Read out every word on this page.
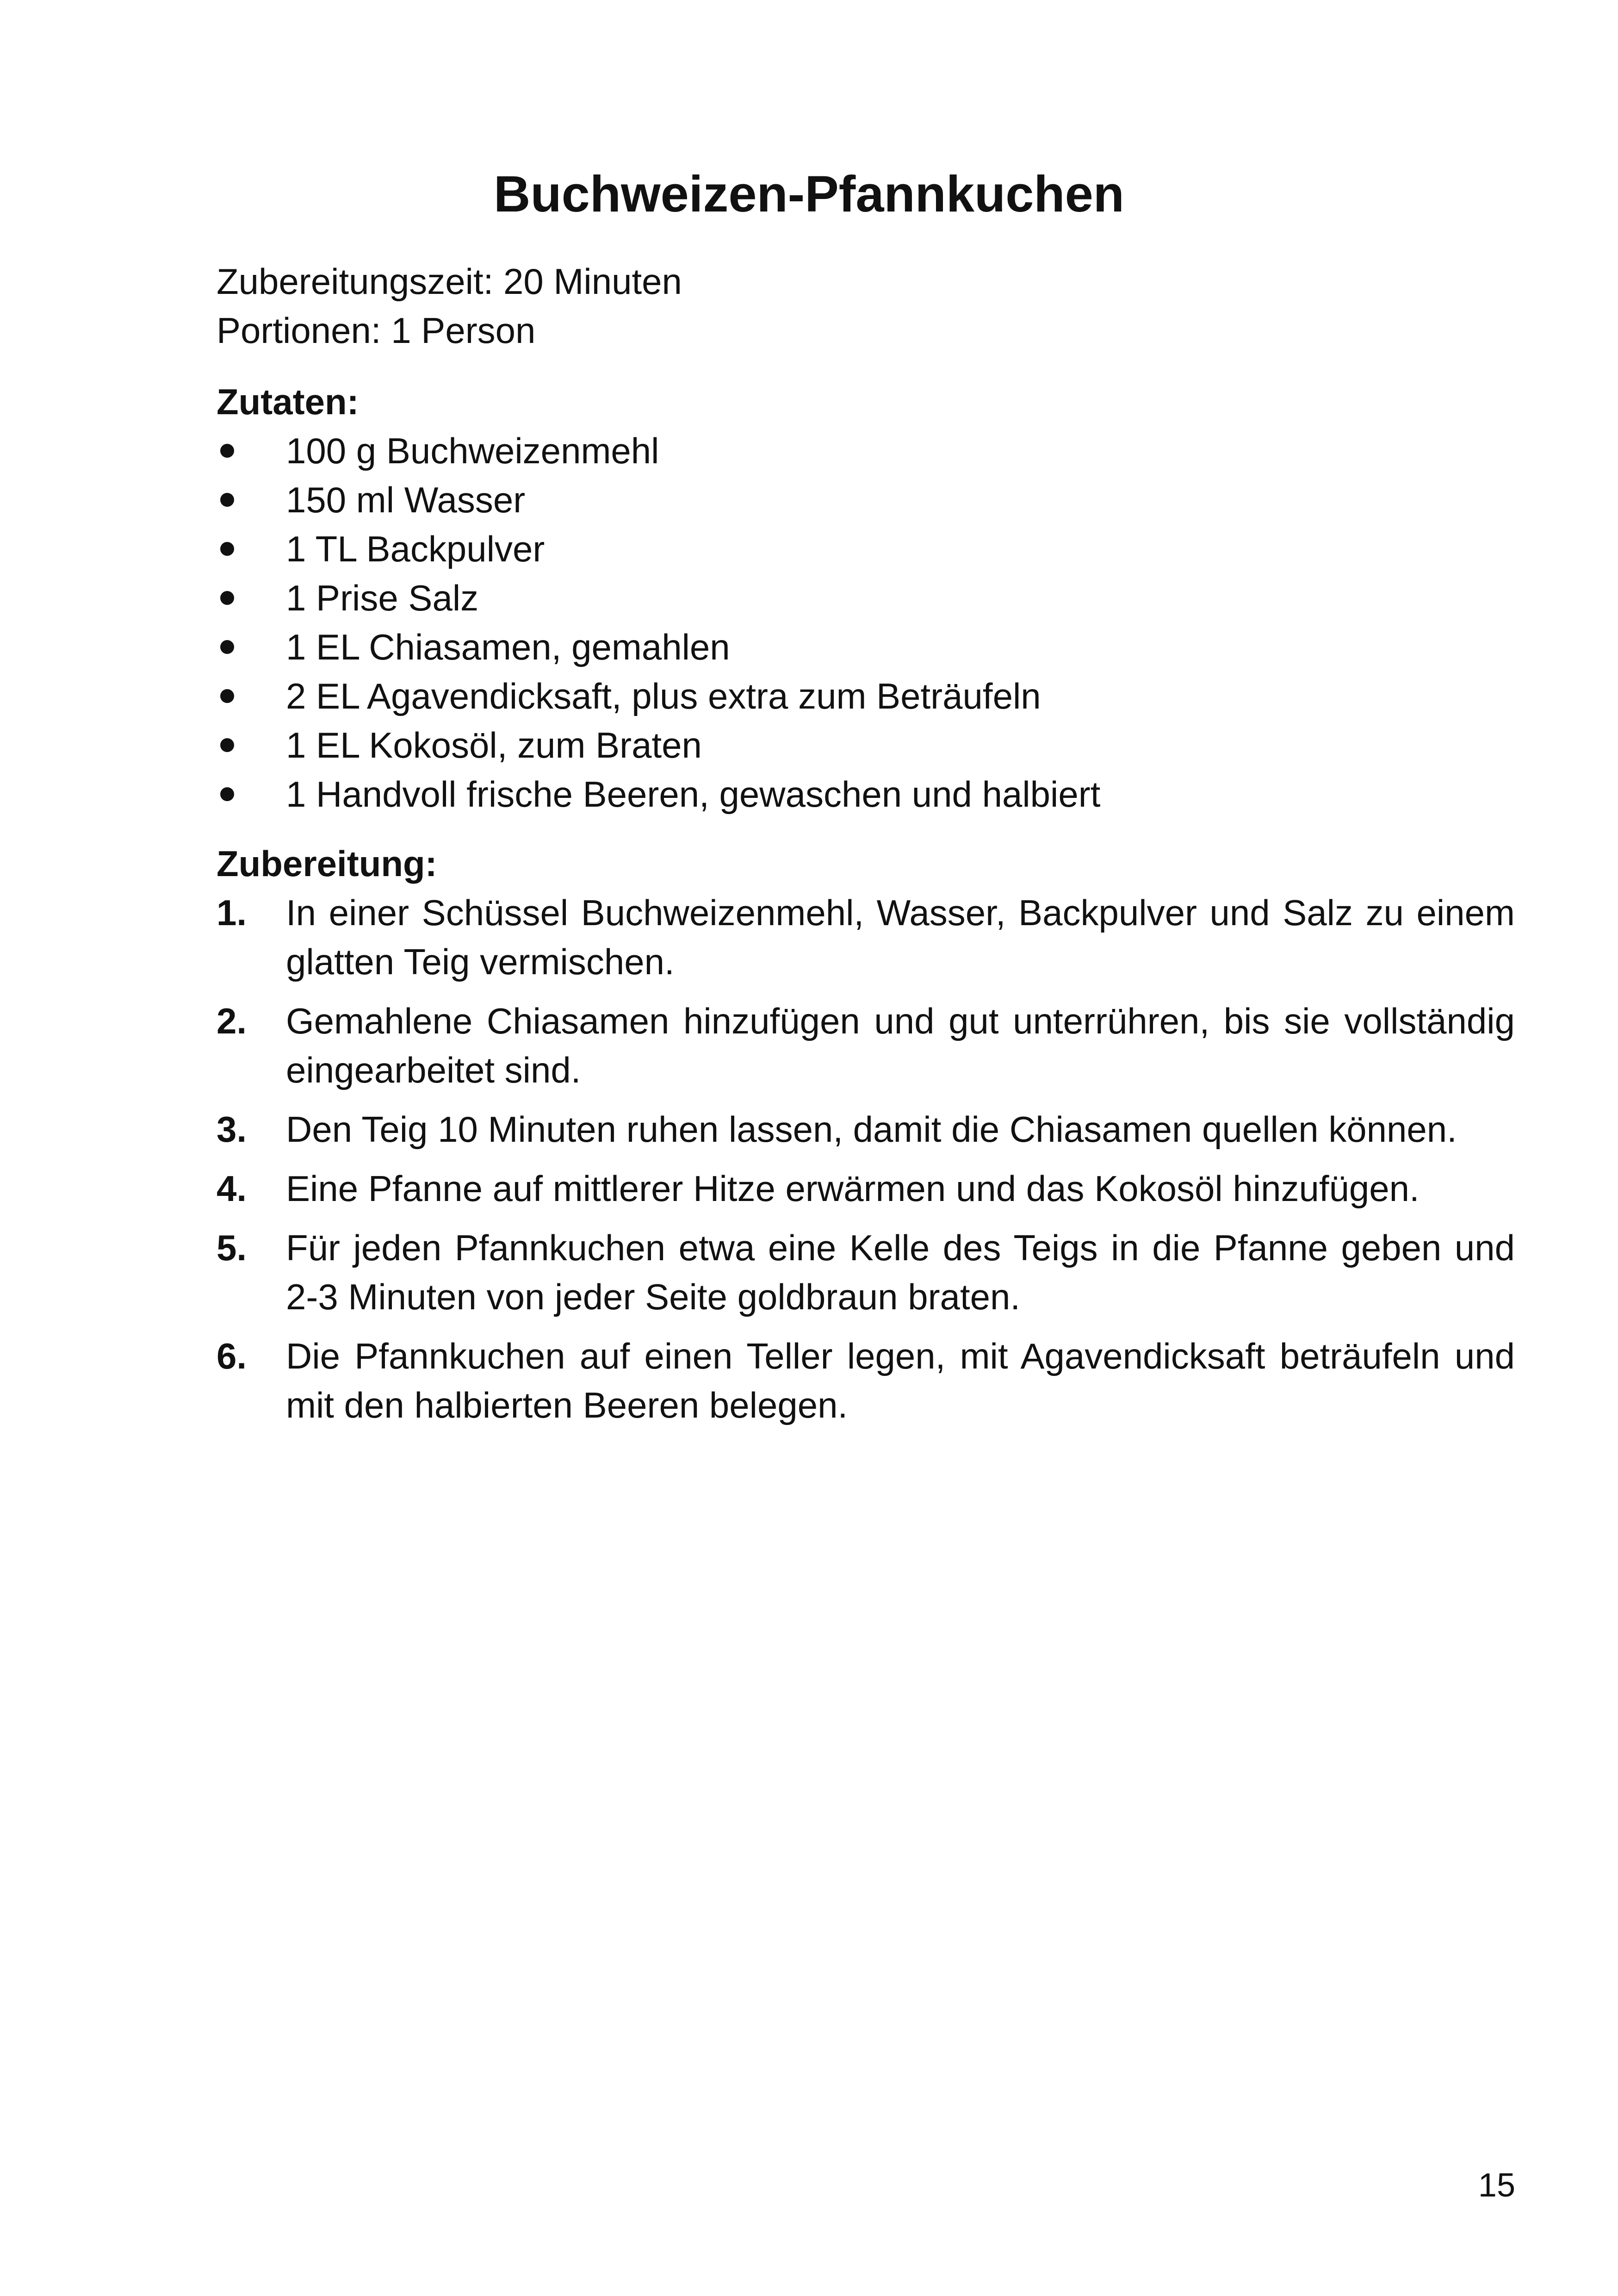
Buchweizen-Pfannkuchen

Zubereitungszeit: 20 Minuten

Portionen: 1 Person

Zutaten:

100 g Buchweizenmehl
150 ml Wasser
1 TL Backpulver
1 Prise Salz
1 EL Chiasamen, gemahlen
2 EL Agavendicksaft, plus extra zum Beträufeln
1 EL Kokosöl, zum Braten
1 Handvoll frische Beeren, gewaschen und halbiert

Zubereitung:

1. In einer Schüssel Buchweizenmehl, Wasser, Backpulver und Salz zu einem glatten Teig vermischen.
2. Gemahlene Chiasamen hinzufügen und gut unterrühren, bis sie vollständig eingearbeitet sind.
3. Den Teig 10 Minuten ruhen lassen, damit die Chiasamen quellen können.
4. Eine Pfanne auf mittlerer Hitze erwärmen und das Kokosöl hinzufügen.
5. Für jeden Pfannkuchen etwa eine Kelle des Teigs in die Pfanne geben und 2-3 Minuten von jeder Seite goldbraun braten.
6. Die Pfannkuchen auf einen Teller legen, mit Agavendicksaft beträufeln und mit den halbierten Beeren belegen.

15
